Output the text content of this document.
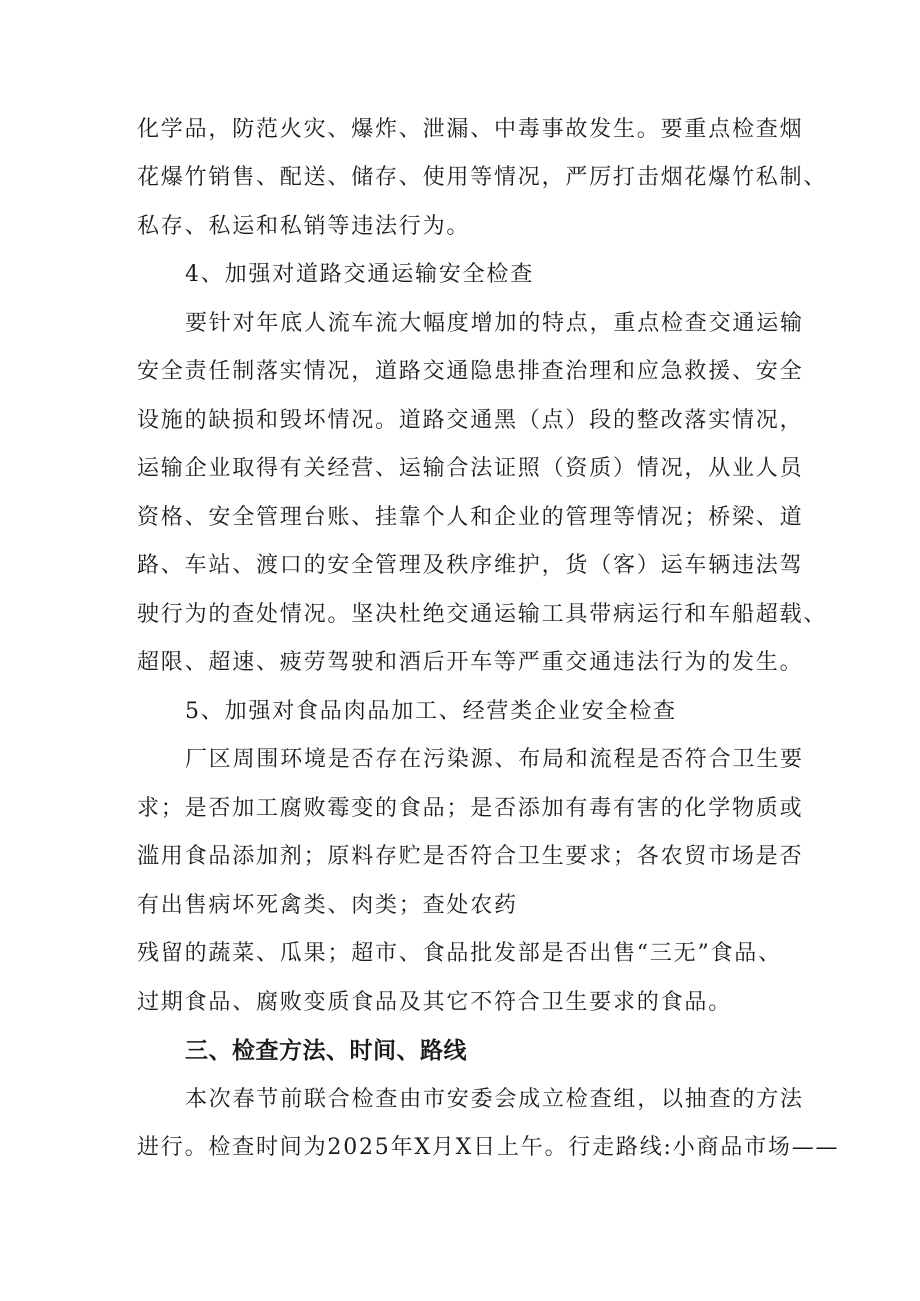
化学品，防范火灾、爆炸、泄漏、中毒事故发生。要重点检查烟
花爆竹销售、配送、储存、使用等情况，严厉打击烟花爆竹私制、
私存、私运和私销等违法行为。
4、加强对道路交通运输安全检查
要针对年底人流车流大幅度增加的特点，重点检查交通运输
安全责任制落实情况，道路交通隐患排查治理和应急救援、安全
设施的缺损和毁坏情况。道路交通黑（点）段的整改落实情况，
运输企业取得有关经营、运输合法证照（资质）情况，从业人员
资格、安全管理台账、挂靠个人和企业的管理等情况；桥梁、道
路、车站、渡口的安全管理及秩序维护，货（客）运车辆违法驾
驶行为的查处情况。坚决杜绝交通运输工具带病运行和车船超载、
超限、超速、疲劳驾驶和酒后开车等严重交通违法行为的发生。
5、加强对食品肉品加工、经营类企业安全检查
厂区周围环境是否存在污染源、布局和流程是否符合卫生要
求；是否加工腐败霉变的食品；是否添加有毒有害的化学物质或
滥用食品添加剂；原料存贮是否符合卫生要求；各农贸市场是否
有出售病坏死禽类、肉类；查处农药
残留的蔬菜、瓜果；超市、食品批发部是否出售“三无”食品、
过期食品、腐败变质食品及其它不符合卫生要求的食品。
三、检查方法、时间、路线
本次春节前联合检查由市安委会成立检查组，以抽查的方法
进行。检查时间为2025年X月X日上午。行走路线:小商品市场——
